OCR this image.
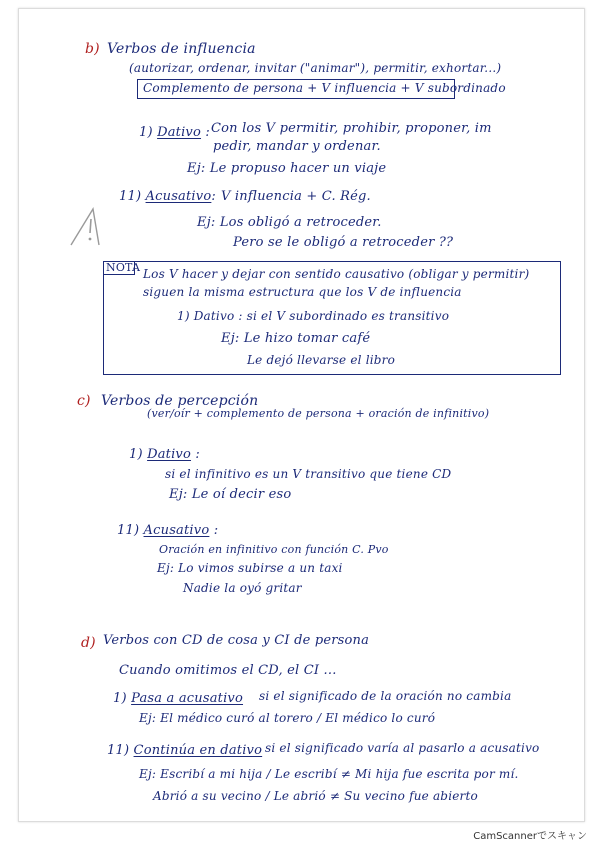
b) Verbos de influencia
(autorizar, ordenar, invitar ("animar"), permitir, exhortar...)
Complemento de persona + V influencia + V subordinado
1) Dativo : Con los V permitir, prohibir, proponer, im
pedir, mandar y ordenar.
Ej: Le propuso hacer un viaje
11) Acusativo: V influencia + C. Rég.
Ej: Los obligó a retroceder.
Pero se le obligó a retroceder ??
NOTA Los V hacer y dejar con sentido causativo (obligar y permitir)
siguen la misma estructura que los V de influencia
1) Dativo : si el V subordinado es transitivo
Ej: Le hizo tomar café
Le dejó llevarse el libro
c) Verbos de percepción
(ver/oír + complemento de persona + oración de infinitivo)
1) Dativo :
si el infinitivo es un V transitivo que tiene CD
Ej: Le oí decir eso
11) Acusativo :
Oración en infinitivo con función C. Pvo
Ej: Lo vimos subirse a un taxi
Nadie la oyó gritar
d) Verbos con CD de cosa y CI de persona
Cuando omitimos el CD, el CI ...
1) Pasa a acusativo si el significado de la oración no cambia
Ej: El médico curó al torero / El médico lo curó
11) Continúa en dativo si el significado varía al pasarlo a acusativo
Ej: Escribí a mi hija / Le escribí ≠ Mi hija fue escrita por mí.
Abrió a su vecino / Le abrió ≠ Su vecino fue abierto
CamScannerでスキャン
